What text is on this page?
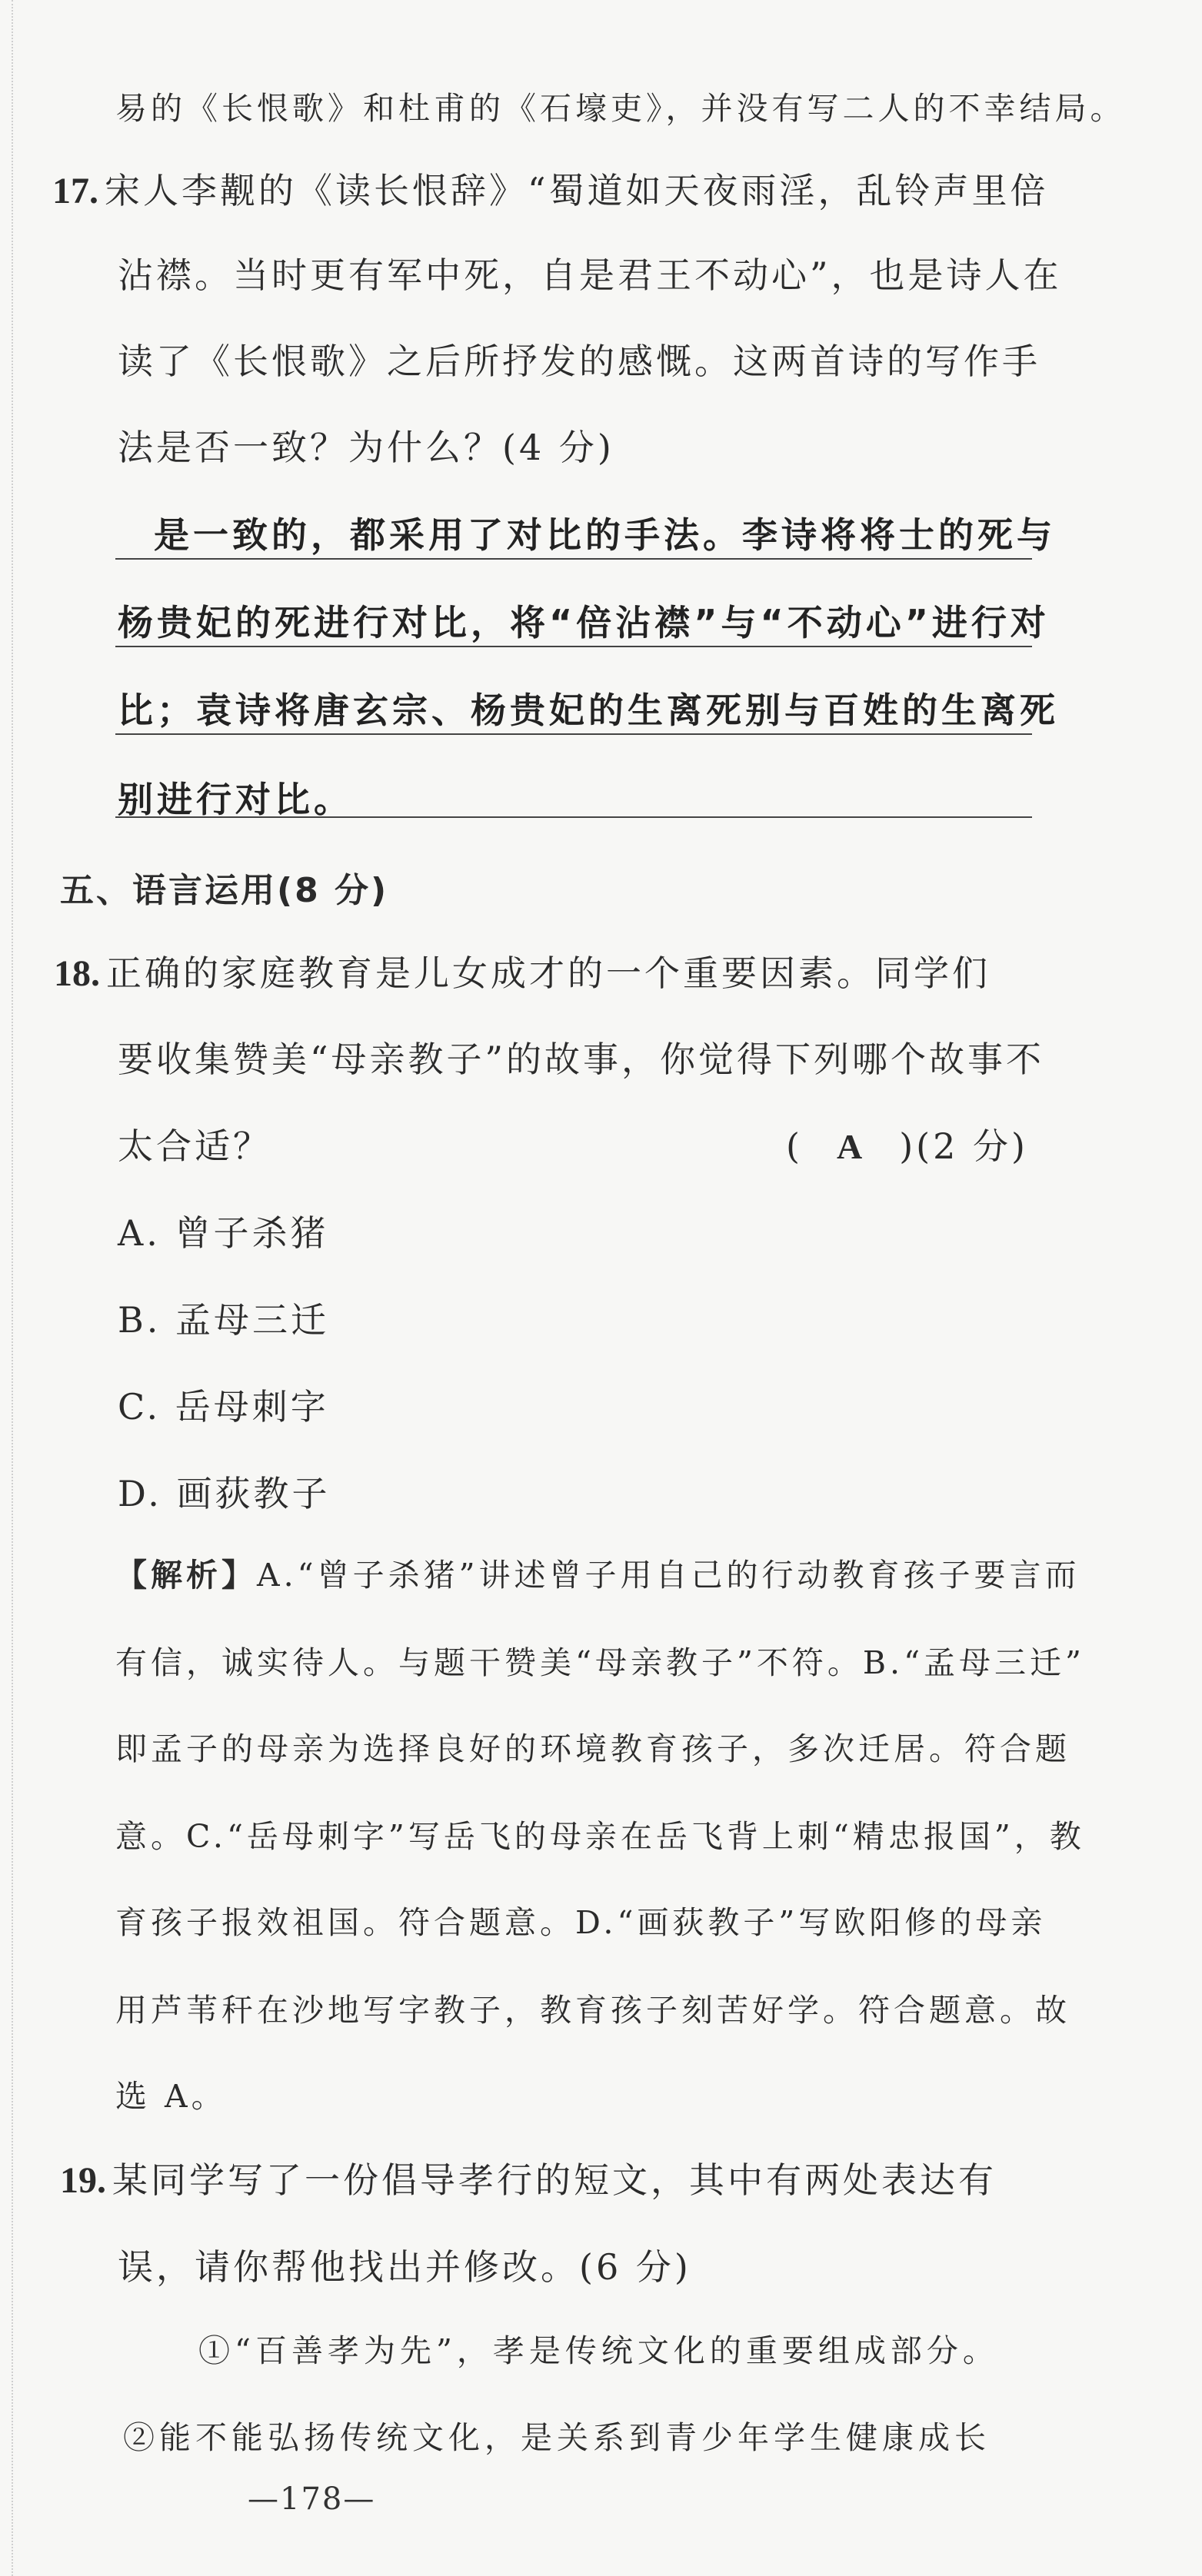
易的《长恨歌》和杜甫的《石壕吏》，并没有写二人的不幸结局。
17. 宋人李觏的《读长恨辞》“蜀道如天夜雨淫，乱铃声里倍
沾襟。当时更有军中死，自是君王不动心”，也是诗人在
读了《长恨歌》之后所抒发的感慨。这两首诗的写作手
法是否一致？为什么？(4 分)
是一致的，都采用了对比的手法。李诗将将士的死与
杨贵妃的死进行对比，将“倍沾襟”与“不动心”进行对
比；袁诗将唐玄宗、杨贵妃的生离死别与百姓的生离死
别进行对比。
五、语言运用(8 分)
18. 正确的家庭教育是儿女成才的一个重要因素。同学们
要收集赞美“母亲教子”的故事，你觉得下列哪个故事不
太合适？	( A )(2 分)
A. 曾子杀猪
B. 孟母三迁
C. 岳母刺字
D. 画荻教子
【解析】A.“曾子杀猪”讲述曾子用自己的行动教育孩子要言而
有信，诚实待人。与题干赞美“母亲教子”不符。B.“孟母三迁”
即孟子的母亲为选择良好的环境教育孩子，多次迁居。符合题
意。C.“岳母刺字”写岳飞的母亲在岳飞背上刺“精忠报国”，教
育孩子报效祖国。符合题意。D.“画荻教子”写欧阳修的母亲
用芦苇秆在沙地写字教子，教育孩子刻苦好学。符合题意。故
选 A。
19. 某同学写了一份倡导孝行的短文，其中有两处表达有
误，请你帮他找出并修改。(6 分)
①“百善孝为先”，孝是传统文化的重要组成部分。
②能不能弘扬传统文化，是关系到青少年学生健康成长
—178—
